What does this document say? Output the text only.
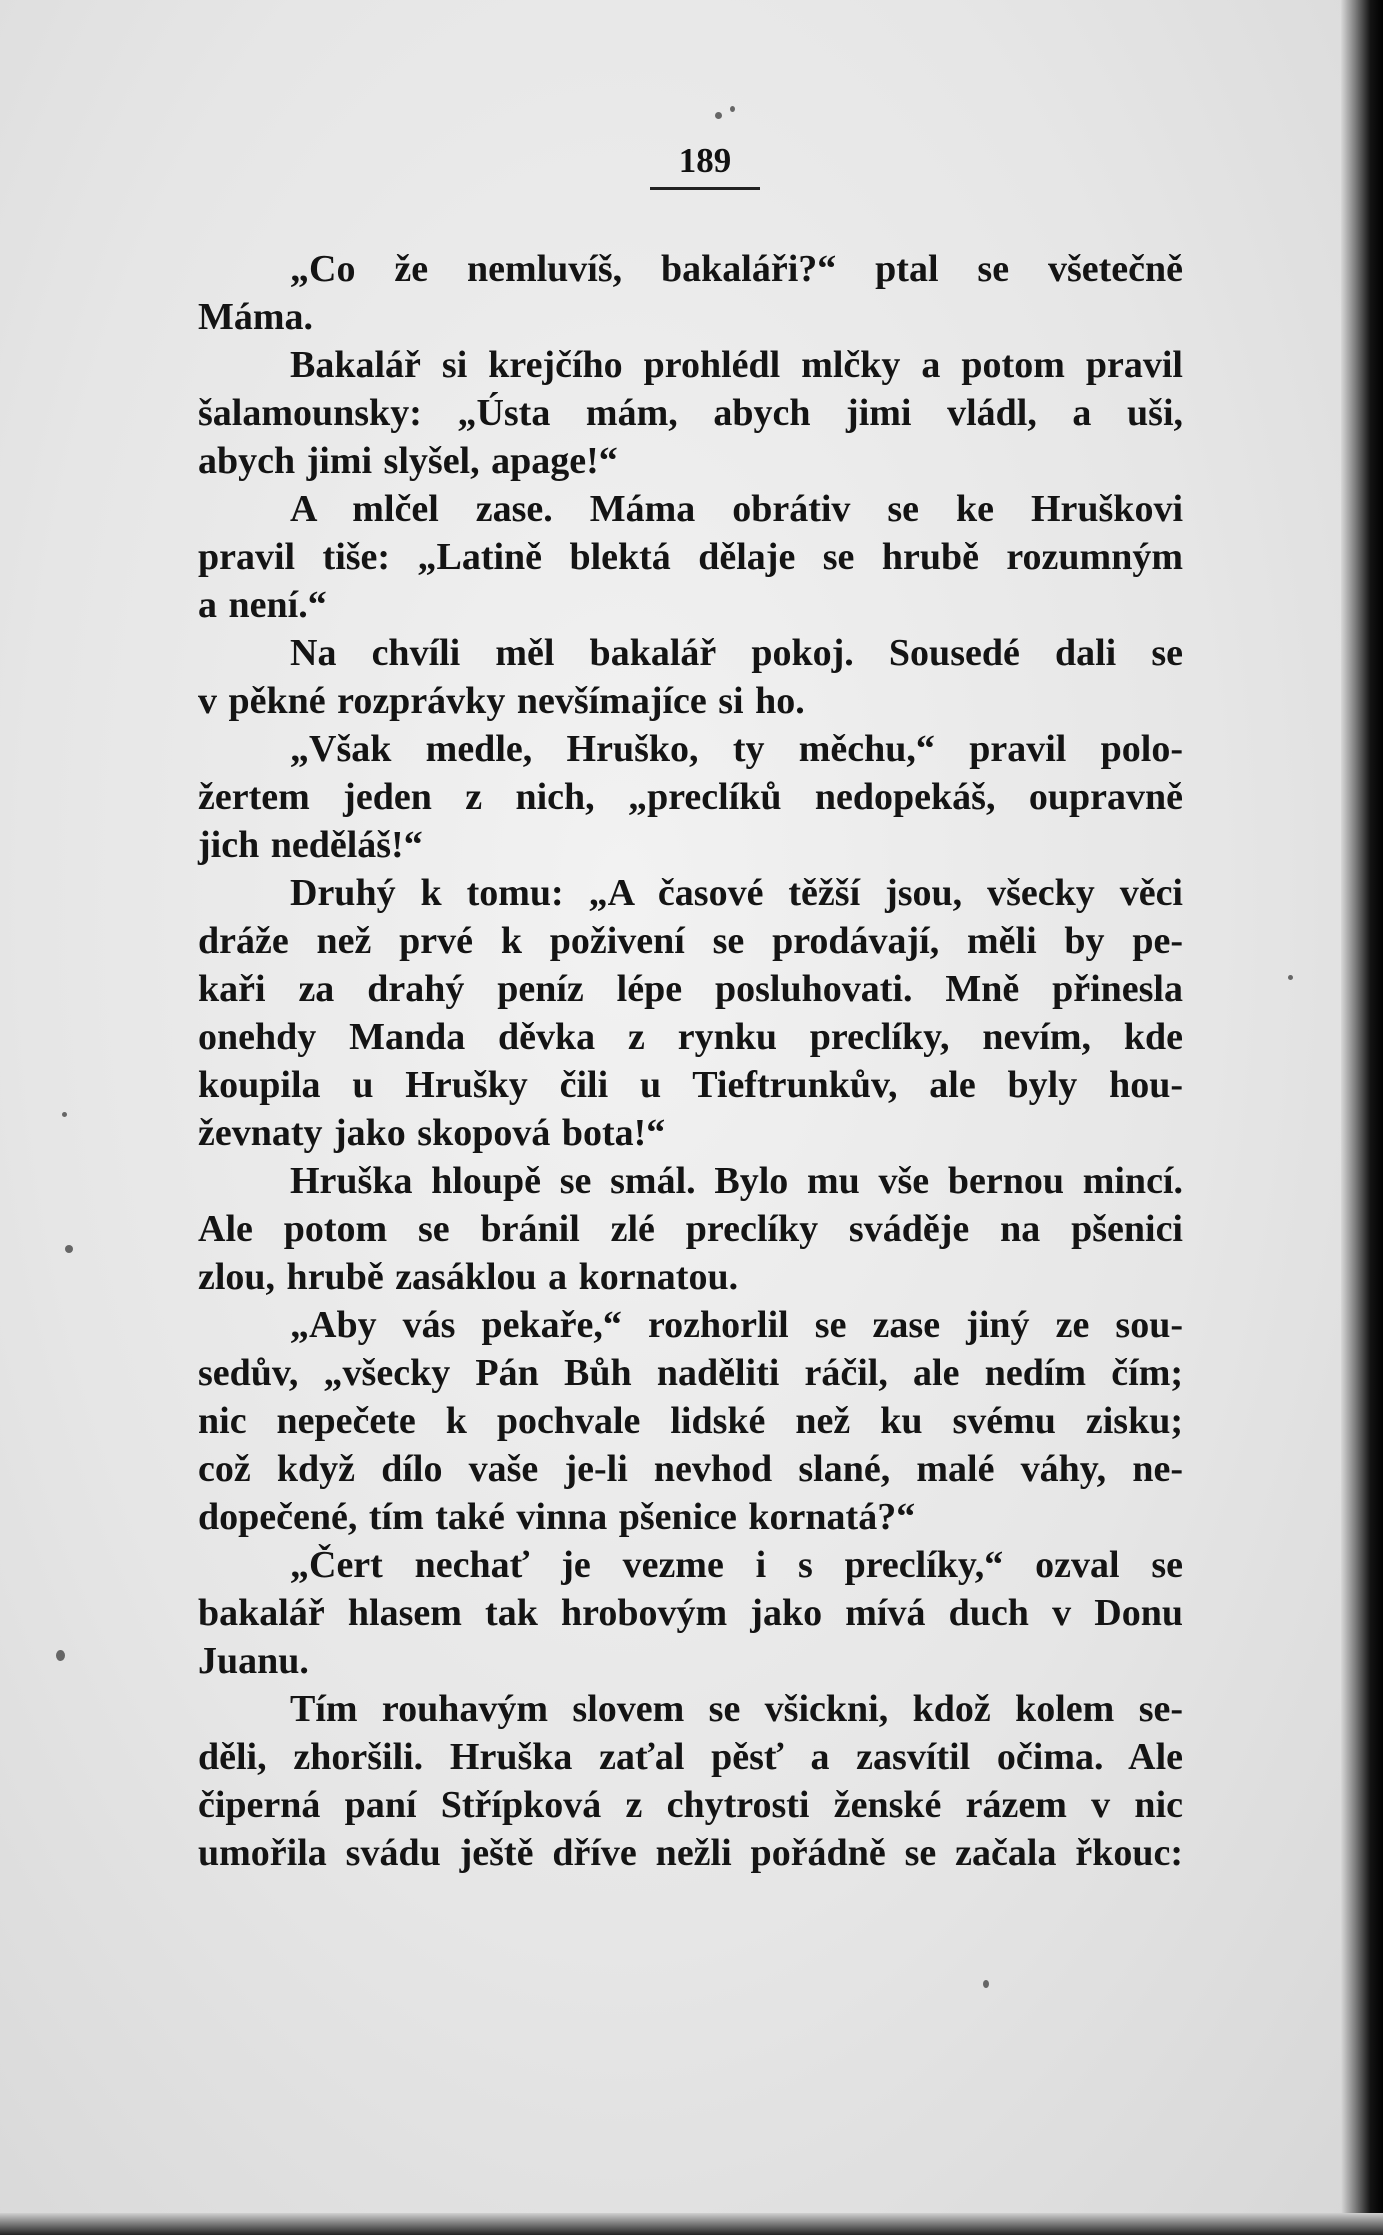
189
„Co že nemluvíš, bakaláři?“ ptal se všetečně
Máma.
Bakalář si krejčího prohlédl mlčky a potom pravil
šalamounsky: „Ústa mám, abych jimi vládl, a uši,
abych jimi slyšel, apage!“
A mlčel zase. Máma obrátiv se ke Hruškovi
pravil tiše: „Latině blektá dělaje se hrubě rozumným
a není.“
Na chvíli měl bakalář pokoj. Sousedé dali se
v pěkné rozprávky nevšímajíce si ho.
„Však medle, Hruško, ty měchu,“ pravil polo-
žertem jeden z nich, „preclíků nedopekáš, oupravně
jich neděláš!“
Druhý k tomu: „A časové těžší jsou, všecky věci
dráže než prvé k poživení se prodávají, měli by pe-
kaři za drahý peníz lépe posluhovati. Mně přinesla
onehdy Manda děvka z rynku preclíky, nevím, kde
koupila u Hrušky čili u Tieftrunkův, ale byly hou-
ževnaty jako skopová bota!“
Hruška hloupě se smál. Bylo mu vše bernou mincí.
Ale potom se bránil zlé preclíky sváděje na pšenici
zlou, hrubě zasáklou a kornatou.
„Aby vás pekaře,“ rozhorlil se zase jiný ze sou-
sedův, „všecky Pán Bůh naděliti ráčil, ale nedím čím;
nic nepečete k pochvale lidské než ku svému zisku;
což když dílo vaše je-li nevhod slané, malé váhy, ne-
dopečené, tím také vinna pšenice kornatá?“
„Čert nechať je vezme i s preclíky,“ ozval se
bakalář hlasem tak hrobovým jako mívá duch v Donu
Juanu.
Tím rouhavým slovem se všickni, kdož kolem se-
děli, zhoršili. Hruška zaťal pěsť a zasvítil očima. Ale
čiperná paní Střípková z chytrosti ženské rázem v nic
umořila svádu ještě dříve nežli pořádně se začala řkouc:
